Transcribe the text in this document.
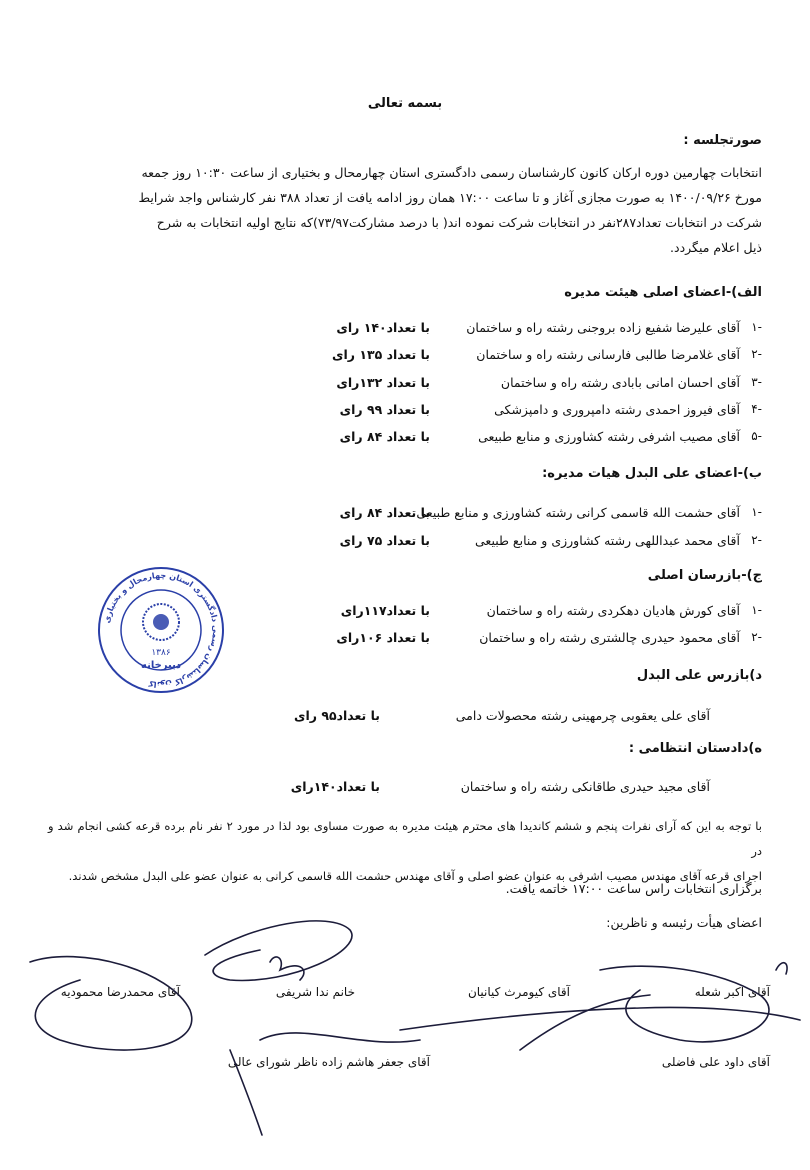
بسمه تعالی
صورتجلسه :
انتخابات چهارمین دوره ارکان کانون کارشناسان رسمی دادگستری استان چهارمحال و بختیاری از ساعت ۱۰:۳۰ روز جمعه
مورخ ۱۴۰۰/۰۹/۲۶ به صورت مجازی آغاز و تا ساعت ۱۷:۰۰ همان روز ادامه یافت از تعداد ۳۸۸ نفر کارشناس واجد شرایط
شرکت در انتخابات تعداد۲۸۷نفر در انتخابات شرکت نموده اند( با درصد مشارکت۷۳/۹۷)که نتایج اولیه انتخابات به شرح
ذیل اعلام میگردد.
الف)-اعضای اصلی هیئت مدیره
-۱
آقای علیرضا شفیع زاده بروجنی رشته راه و ساختمان
با تعداد۱۴۰ رای
-۲
آقای غلامرضا طالبی فارسانی رشته راه و ساختمان
با تعداد ۱۳۵ رای
-۳
آقای احسان امانی بابادی رشته راه و ساختمان
با تعداد ۱۳۲رای
-۴
آقای فیروز احمدی رشته دامپروری و دامپزشکی
با تعداد ۹۹ رای
-۵
آقای مصیب اشرفی رشته کشاورزی و منابع طبیعی
با تعداد ۸۴ رای
ب)-اعضای علی البدل هیات مدیره:
-۱
آقای حشمت الله قاسمی کرانی رشته کشاورزی و منابع طبیعی
با تعداد ۸۴ رای
-۲
آقای محمد عبداللهی رشته کشاورزی و منابع طبیعی
با تعداد ۷۵ رای
ج)-بازرسان اصلی
-۱
آقای کورش هادیان دهکردی رشته راه و ساختمان
با تعداد۱۱۷رای
-۲
آقای محمود حیدری چالشتری رشته راه و ساختمان
با تعداد ۱۰۶رای
د)بازرس علی البدل
آقای علی یعقوبی چرمهینی رشته محصولات دامی
با تعداد۹۵ رای
ه)دادستان انتظامی :
آقای مجید حیدری طاقانکی رشته راه و ساختمان
با تعداد۱۴۰رای
با توجه به این که آرای نفرات پنجم و ششم کاندیدا های محترم هیئت مدیره به صورت مساوی بود لذا در مورد ۲ نفر نام برده قرعه کشی انجام شد و در
اجرای قرعه آقای مهندس مصیب اشرفی به عنوان عضو اصلی و آقای مهندس حشمت الله قاسمی کرانی به عنوان عضو علی البدل مشخص شدند.
برگزاری انتخابات راس ساعت ۱۷:۰۰ خاتمه یافت.
اعضای هیأت رئیسه و ناظرین:
آقای اکبر شعله
آقای کیومرث کیانیان
خانم ندا شریفی
آقای محمدرضا محمودیه
آقای داود علی فاضلی
آقای جعفر هاشم زاده ناظر شورای عالی
کانون کارشناسان رسمی دادگستری استان چهارمحال و بختیاری
۱۳۸۶
دبیرخانه
